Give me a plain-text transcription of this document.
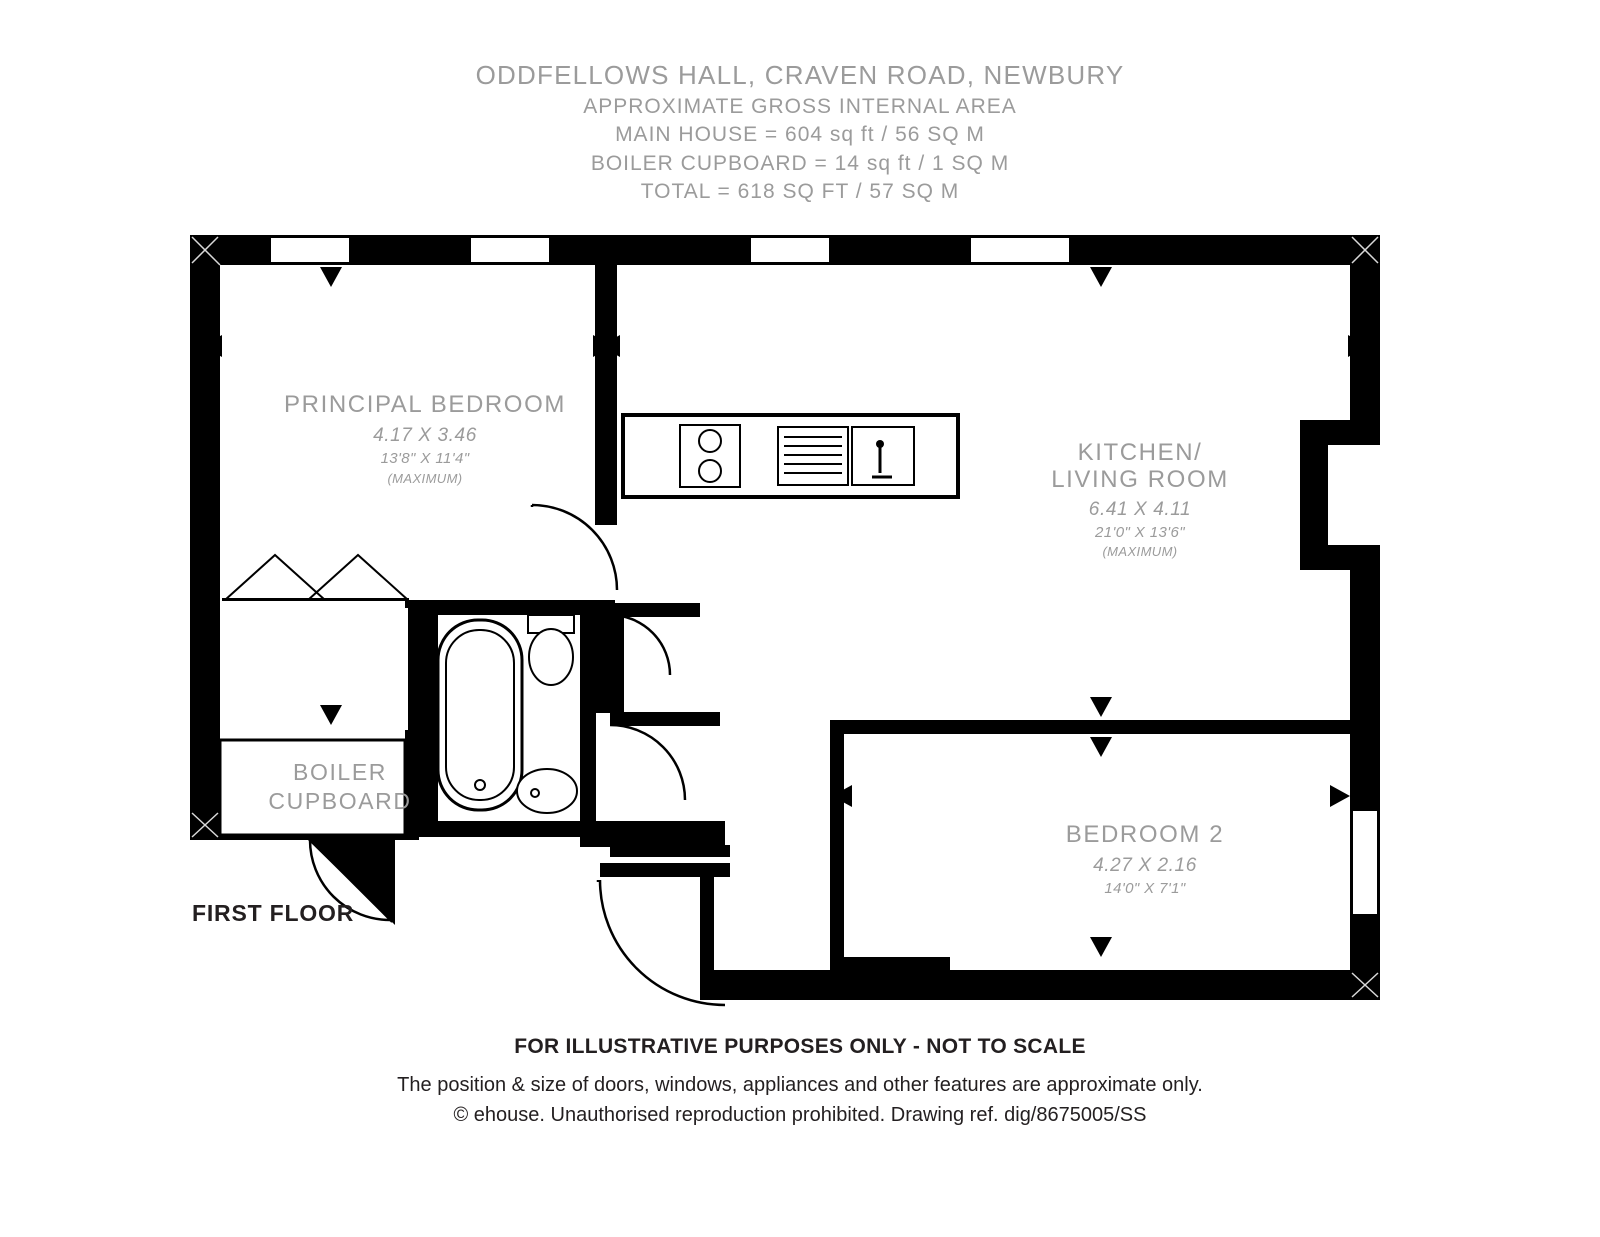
ODDFELLOWS HALL, CRAVEN ROAD, NEWBURY
APPROXIMATE GROSS INTERNAL AREA
MAIN HOUSE = 604 sq ft / 56 SQ M
BOILER CUPBOARD = 14 sq ft / 1 SQ M
TOTAL = 618 SQ FT / 57 SQ M
PRINCIPAL BEDROOM
4.17 X 3.46
13'8" X 11'4"
(MAXIMUM)
KITCHEN/
LIVING ROOM
6.41 X 4.11
21'0" X 13'6"
(MAXIMUM)
BEDROOM 2
4.27 X 2.16
14'0" X 7'1"
BOILER
CUPBOARD
FIRST FLOOR
FOR ILLUSTRATIVE PURPOSES ONLY - NOT TO SCALE
The position & size of doors, windows, appliances and other features are approximate only.
© ehouse. Unauthorised reproduction prohibited. Drawing ref. dig/8675005/SS
